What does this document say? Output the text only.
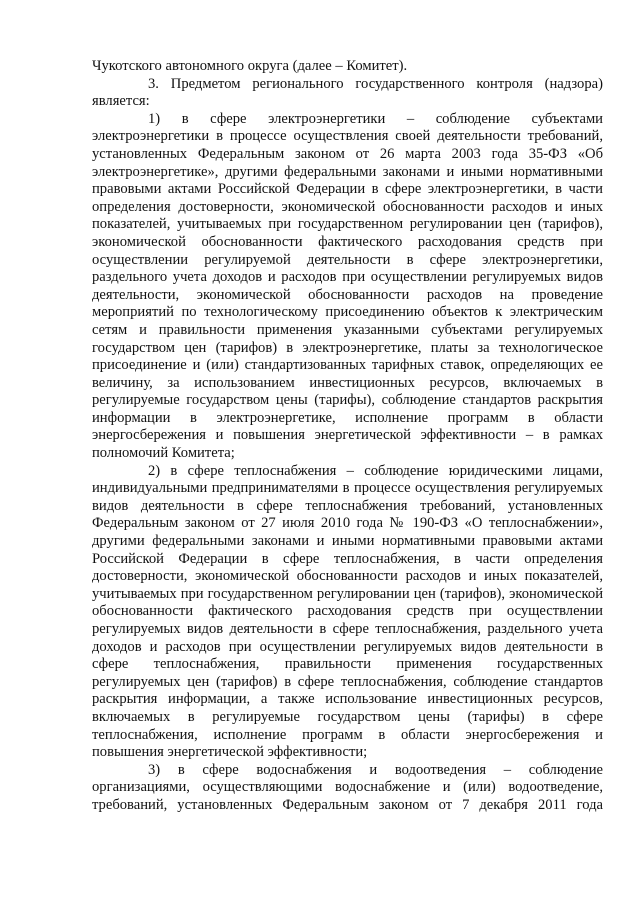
Чукотского автономного округа (далее – Комитет).

3. Предметом регионального государственного контроля (надзора) является:

1) в сфере электроэнергетики – соблюдение субъектами электроэнергетики в процессе осуществления своей деятельности требований, установленных Федеральным законом от 26 марта 2003 года 35-ФЗ «Об электроэнергетике», другими федеральными законами и иными нормативными правовыми актами Российской Федерации в сфере электроэнергетики, в части определения достоверности, экономической обоснованности расходов и иных показателей, учитываемых при государственном регулировании цен (тарифов), экономической обоснованности фактического расходования средств при осуществлении регулируемой деятельности в сфере электроэнергетики, раздельного учета доходов и расходов при осуществлении регулируемых видов деятельности, экономической обоснованности расходов на проведение мероприятий по технологическому присоединению объектов к электрическим сетям и правильности применения указанными субъектами регулируемых государством цен (тарифов) в электроэнергетике, платы за технологическое присоединение и (или) стандартизованных тарифных ставок, определяющих ее величину, за использованием инвестиционных ресурсов, включаемых в регулируемые государством цены (тарифы), соблюдение стандартов раскрытия информации в электроэнергетике, исполнение программ в области энергосбережения и повышения энергетической эффективности – в рамках полномочий Комитета;

2) в сфере теплоснабжения – соблюдение юридическими лицами, индивидуальными предпринимателями в процессе осуществления регулируемых видов деятельности в сфере теплоснабжения требований, установленных Федеральным законом от 27 июля 2010 года № 190-ФЗ «О теплоснабжении», другими федеральными законами и иными нормативными правовыми актами Российской Федерации в сфере теплоснабжения, в части определения достоверности, экономической обоснованности расходов и иных показателей, учитываемых при государственном регулировании цен (тарифов), экономической обоснованности фактического расходования средств при осуществлении регулируемых видов деятельности в сфере теплоснабжения, раздельного учета доходов и расходов при осуществлении регулируемых видов деятельности в сфере теплоснабжения, правильности применения государственных регулируемых цен (тарифов) в сфере теплоснабжения, соблюдение стандартов раскрытия информации, а также использование инвестиционных ресурсов, включаемых в регулируемые государством цены (тарифы) в сфере теплоснабжения, исполнение программ в области энергосбережения и повышения энергетической эффективности;

3) в сфере водоснабжения и водоотведения – соблюдение организациями, осуществляющими водоснабжение и (или) водоотведение, требований, установленных Федеральным законом от 7 декабря 2011 года
